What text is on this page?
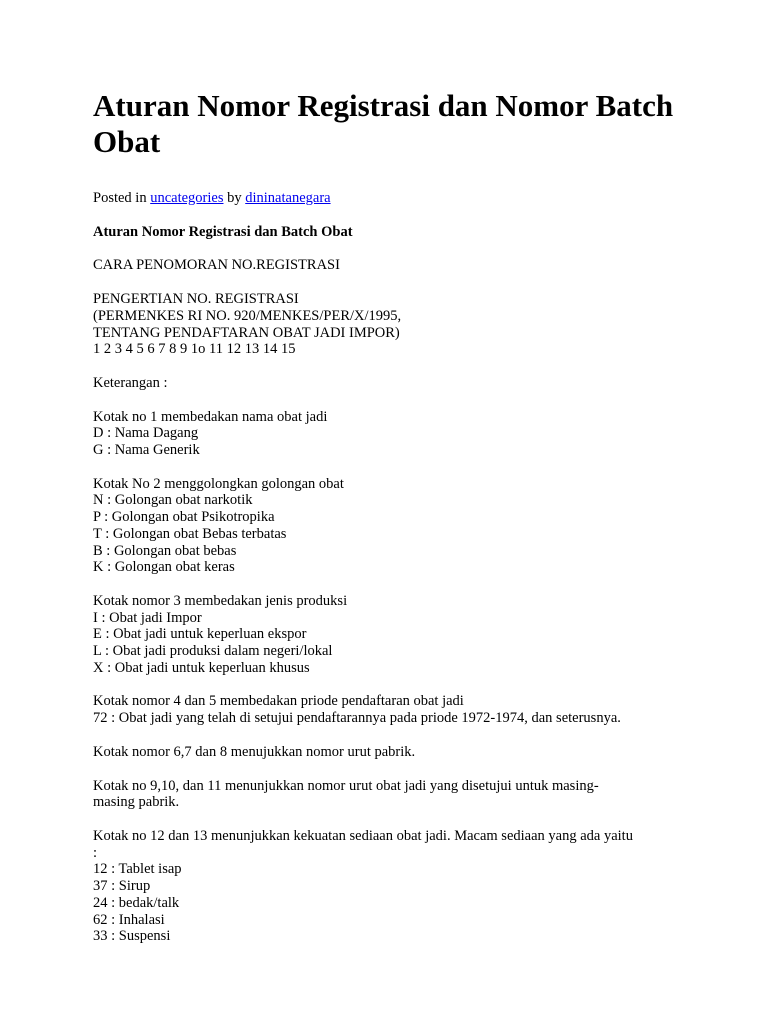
Aturan Nomor Registrasi dan Nomor Batch Obat

Posted in uncategories by dininatanegara

Aturan Nomor Registrasi dan Batch Obat

CARA PENOMORAN NO.REGISTRASI

PENGERTIAN NO. REGISTRASI

(PERMENKES RI NO. 920/MENKES/PER/X/1995,

TENTANG PENDAFTARAN OBAT JADI IMPOR)

1 2 3 4 5 6 7 8 9 1o 11 12 13 14 15

Keterangan :

Kotak no 1 membedakan nama obat jadi

D : Nama Dagang

G : Nama Generik

Kotak No 2 menggolongkan golongan obat

N : Golongan obat narkotik

P : Golongan obat Psikotropika

T : Golongan obat Bebas terbatas

B : Golongan obat bebas

K : Golongan obat keras

Kotak nomor 3 membedakan jenis produksi

I : Obat jadi Impor

E : Obat jadi untuk keperluan ekspor

L : Obat jadi produksi dalam negeri/lokal

X : Obat jadi untuk keperluan khusus

Kotak nomor 4 dan 5 membedakan priode pendaftaran obat jadi

72 : Obat jadi yang telah di setujui pendaftarannya pada priode 1972-1974, dan seterusnya.

Kotak nomor 6,7 dan 8 menujukkan nomor urut pabrik.

Kotak no 9,10, dan 11 menunjukkan nomor urut obat jadi yang disetujui untuk masing-

masing pabrik.

Kotak no 12 dan 13 menunjukkan kekuatan sediaan obat jadi. Macam sediaan yang ada yaitu

:

12 : Tablet isap

37 : Sirup

24 : bedak/talk

62 : Inhalasi

33 : Suspensi
